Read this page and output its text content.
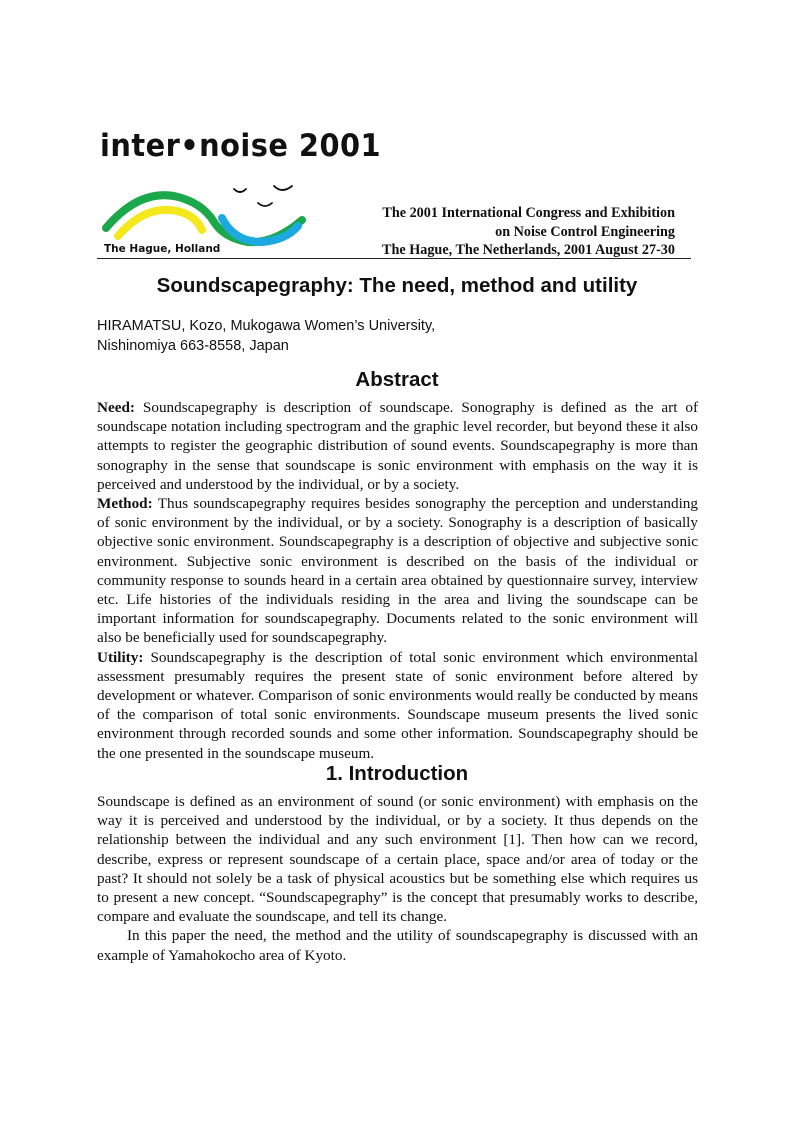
inter•noise 2001
The Hague, Holland
The 2001 International Congress and Exhibition
on Noise Control Engineering
The Hague, The Netherlands, 2001 August 27-30
Soundscapegraphy: The need, method and utility
HIRAMATSU, Kozo, Mukogawa Women’s University,
Nishinomiya 663-8558, Japan
Abstract

Need: Soundscapegraphy is description of soundscape. Sonography is defined as the art of soundscape notation including spectrogram and the graphic level recorder, but beyond these it also attempts to register the geographic distribution of sound events. Soundscapegraphy is more than sonography in the sense that soundscape is sonic environment with emphasis on the way it is perceived and understood by the individual, or by a society.

Method: Thus soundscapegraphy requires besides sonography the perception and understanding of sonic environment by the individual, or by a society. Sonography is a description of basically objective sonic environment. Soundscapegraphy is a description of objective and subjective sonic environment. Subjective sonic environment is described on the basis of the individual or community response to sounds heard in a certain area obtained by questionnaire survey, interview etc. Life histories of the individuals residing in the area and living the soundscape can be important information for soundscapegraphy. Documents related to the sonic environment will also be beneficially used for soundscapegraphy.

Utility: Soundscapegraphy is the description of total sonic environment which environmental assessment presumably requires the present state of sonic environment before altered by development or whatever. Comparison of sonic environments would really be conducted by means of the comparison of total sonic environments. Soundscape museum presents the lived sonic environment through recorded sounds and some other information. Soundscapegraphy should be the one presented in the soundscape museum.

1. Introduction

Soundscape is defined as an environment of sound (or sonic environment) with emphasis on the way it is perceived and understood by the individual, or by a society. It thus depends on the relationship between the individual and any such environment [1]. Then how can we record, describe, express or represent soundscape of a certain place, space and/or area of today or the past? It should not solely be a task of physical acoustics but be something else which requires us to present a new concept. “Soundscapegraphy” is the concept that presumably works to describe, compare and evaluate the soundscape, and tell its change.

In this paper the need, the method and the utility of soundscapegraphy is discussed with an example of Yamahokocho area of Kyoto.
